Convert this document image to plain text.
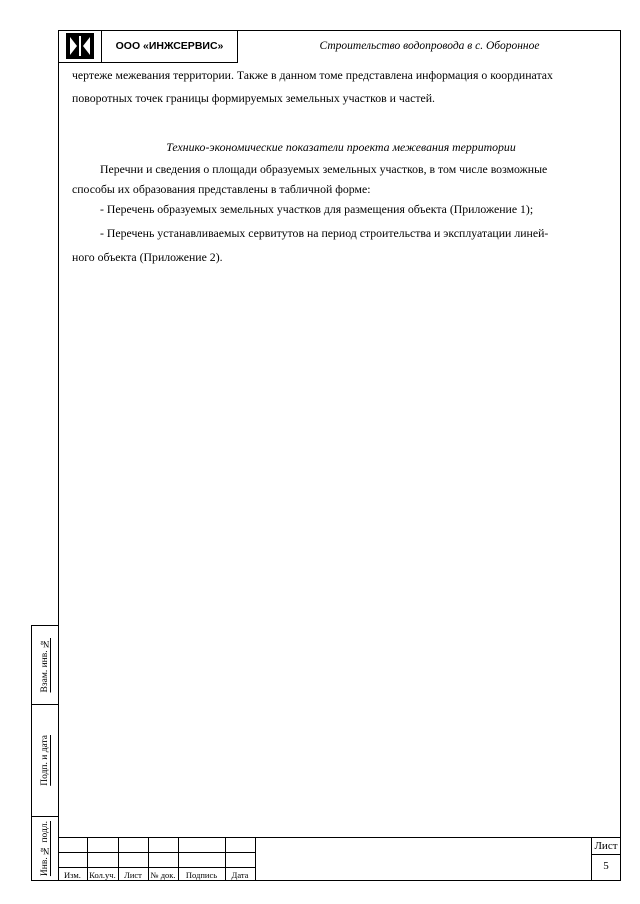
ООО «ИНЖСЕРВИС»	Строительство водопровода в с. Оборонное
чертеже межевания территории. Также в данном томе представлена информация о координатах
поворотных точек границы формируемых земельных участков и частей.
Технико-экономические показатели проекта межевания территории
Перечни и сведения о площади образуемых земельных участков, в том числе возможные
способы их образования представлены в табличной форме:
- Перечень образуемых земельных участков для размещения объекта (Приложение 1);
- Перечень устанавливаемых сервитутов на период строительства и эксплуатации линей-
ного объекта (Приложение 2).
Взам. инв. №
Подп. и дата
Инв. № подл.	Изм. Кол.уч. Лист	№ док.	Подпись	Дата
Лист
5
